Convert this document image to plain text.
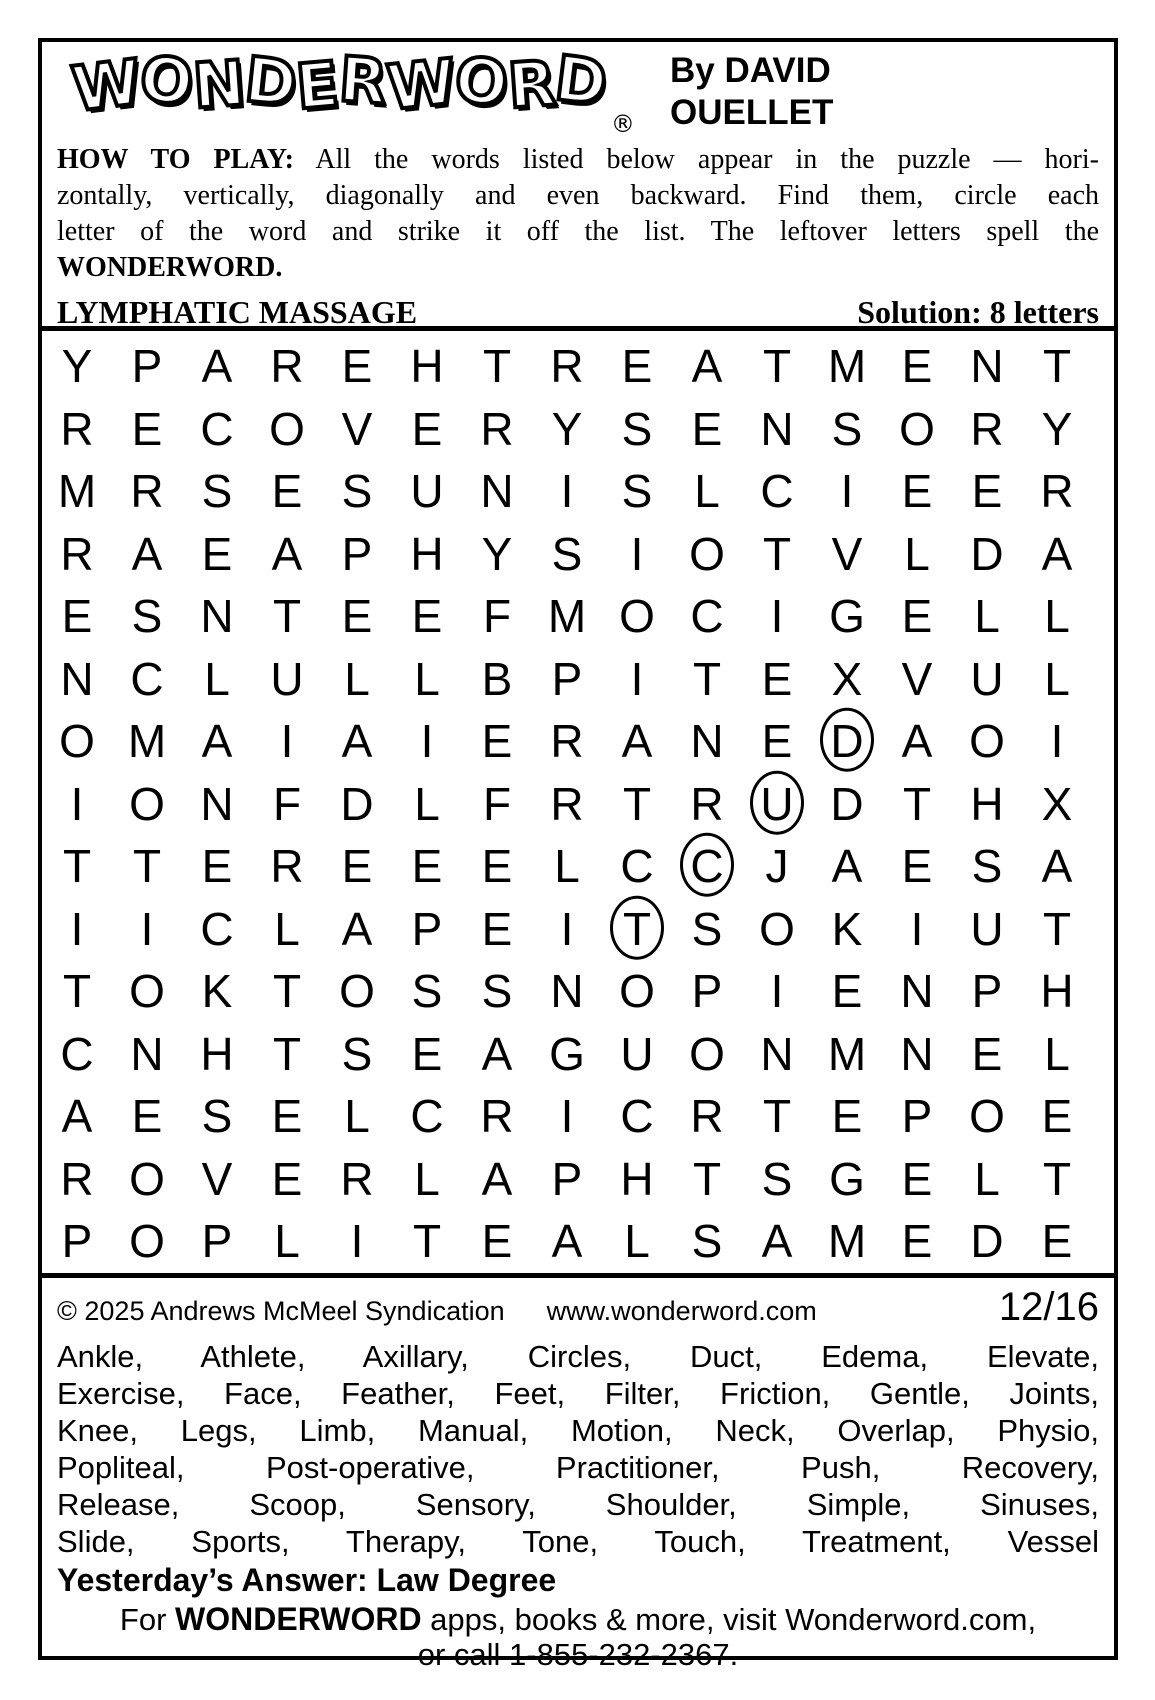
WONDERWORD®
By DAVID
OUELLET
HOW TO PLAY: All the words listed below appear in the puzzle — hori-
zontally, vertically, diagonally and even backward. Find them, circle each
letter of the word and strike it off the list. The leftover letters spell the
WONDERWORD.
LYMPHATIC MASSAGE	Solution: 8 letters
Y P A R E H T R E A T M E N T
R E C O V E R Y S E N S O R Y
M R S E S U N	I	S L C	I	E E R
R A E A P H Y S	I O T V L D A
E S N T E E F M O C	I G E L L
N C L U L L B P	I	T E X V U L
O M A	I	A	I	E R A N E D A O I
I O N F D L F R T R U D T H X
T T E R E E E L C C J A E S A
I	I	C L A P E	I	T S O K	I	U T
T O K T O S S N O P	I	E N P H
C N H T S E A G U O N M N E L
A E S E L C R	I	C R T E P O E
R O V E R L A P H T S G E L T
P O P L	I	T E A L S A M E D E
© 2025 Andrews McMeel Syndication www.wonderword.com	12/16
Ankle, Athlete, Axillary, Circles, Duct, Edema, Elevate,
Exercise, Face, Feather, Feet, Filter, Friction, Gentle, Joints,
Knee, Legs, Limb, Manual, Motion, Neck, Overlap, Physio,
Popliteal, Post-operative, Practitioner, Push, Recovery,
Release, Scoop, Sensory, Shoulder, Simple, Sinuses,
Slide, Sports, Therapy, Tone, Touch, Treatment, Vessel
Yesterday’s Answer: Law Degree
For WONDERWORD apps, books & more, visit Wonderword.com,
or call 1-855-232-2367.
